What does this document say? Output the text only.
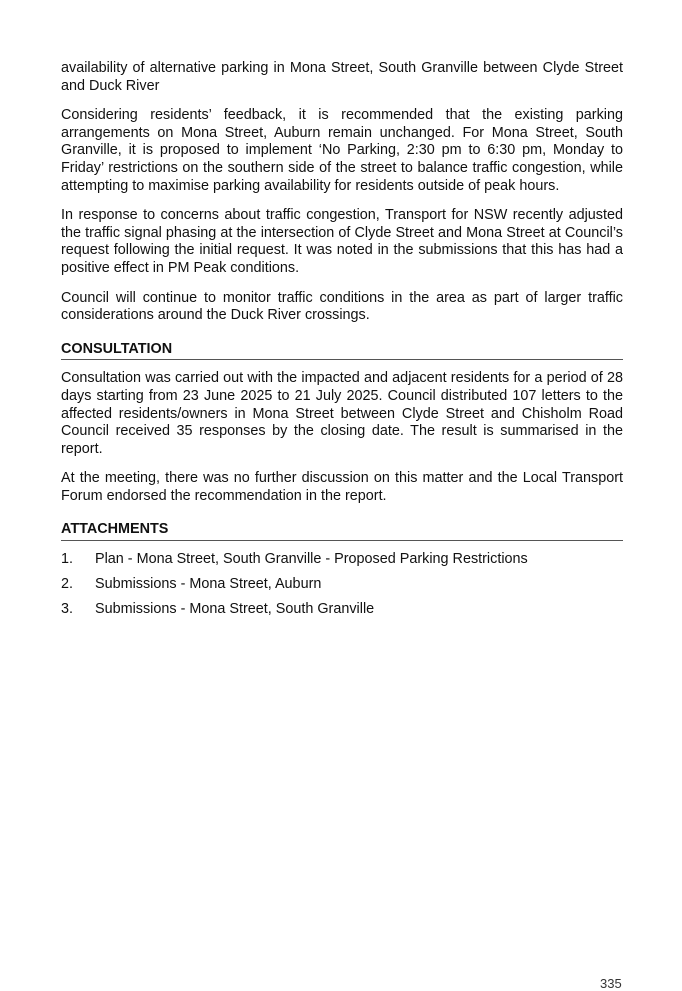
availability of alternative parking in Mona Street, South Granville between Clyde Street and Duck River

Considering residents’ feedback, it is recommended that the existing parking arrangements on Mona Street, Auburn remain unchanged. For Mona Street, South Granville, it is proposed to implement ‘No Parking, 2:30 pm to 6:30 pm, Monday to Friday’ restrictions on the southern side of the street to balance traffic congestion, while attempting to maximise parking availability for residents outside of peak hours.

In response to concerns about traffic congestion, Transport for NSW recently adjusted the traffic signal phasing at the intersection of Clyde Street and Mona Street at Council’s request following the initial request. It was noted in the submissions that this has had a positive effect in PM Peak conditions.

Council will continue to monitor traffic conditions in the area as part of larger traffic considerations around the Duck River crossings.

CONSULTATION

Consultation was carried out with the impacted and adjacent residents for a period of 28 days starting from 23 June 2025 to 21 July 2025. Council distributed 107 letters to the affected residents/owners in Mona Street between Clyde Street and Chisholm Road Council received 35 responses by the closing date. The result is summarised in the report.

At the meeting, there was no further discussion on this matter and the Local Transport Forum endorsed the recommendation in the report.

ATTACHMENTS
1.	Plan - Mona Street, South Granville - Proposed Parking Restrictions
2.	Submissions - Mona Street, Auburn
3.	Submissions - Mona Street, South Granville
335
